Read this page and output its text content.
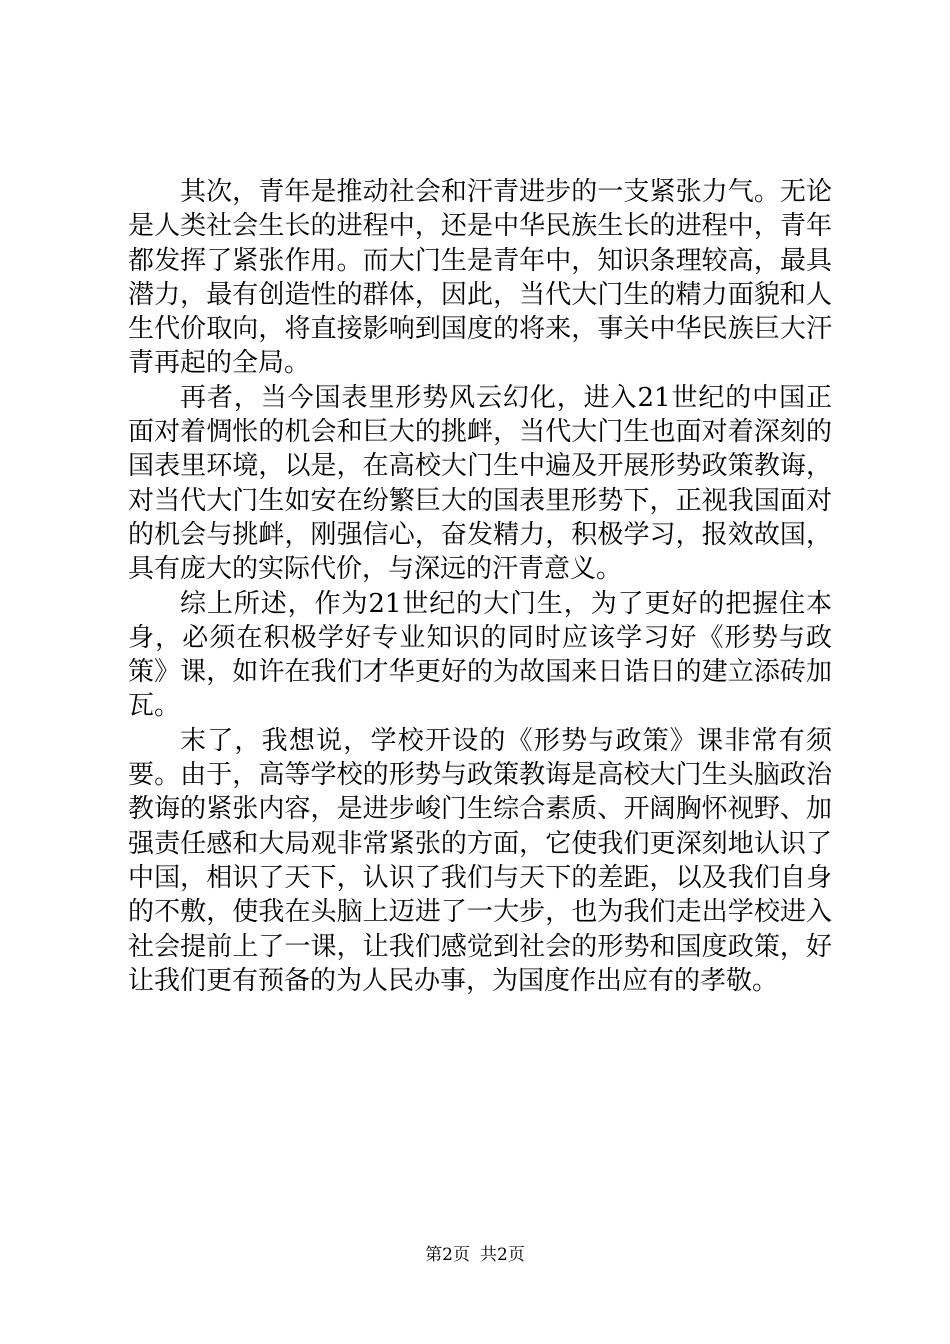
其次，青年是推动社会和汗青进步的一支紧张力气。无论是人类社会生长的进程中，还是中华民族生长的进程中，青年都发挥了紧张作用。而大门生是青年中，知识条理较高，最具潜力，最有创造性的群体，因此，当代大门生的精力面貌和人生代价取向，将直接影响到国度的将来，事关中华民族巨大汗青再起的全局。

再者，当今国表里形势风云幻化，进入21世纪的中国正面对着惆怅的机会和巨大的挑衅，当代大门生也面对着深刻的国表里环境，以是，在高校大门生中遍及开展形势政策教诲，对当代大门生如安在纷繁巨大的国表里形势下，正视我国面对的机会与挑衅，刚强信心，奋发精力，积极学习，报效故国，具有庞大的实际代价，与深远的汗青意义。

综上所述，作为21世纪的大门生，为了更好的把握住本身，必须在积极学好专业知识的同时应该学习好《形势与政策》课，如许在我们才华更好的为故国来日诰日的建立添砖加瓦。

末了，我想说，学校开设的《形势与政策》课非常有须要。由于，高等学校的形势与政策教诲是高校大门生头脑政治教诲的紧张内容，是进步峻门生综合素质、开阔胸怀视野、加强责任感和大局观非常紧张的方面，它使我们更深刻地认识了中国，相识了天下，认识了我们与天下的差距，以及我们自身的不敷，使我在头脑上迈进了一大步，也为我们走出学校进入社会提前上了一课，让我们感觉到社会的形势和国度政策，好让我们更有预备的为人民办事，为国度作出应有的孝敬。

第2页 共2页
